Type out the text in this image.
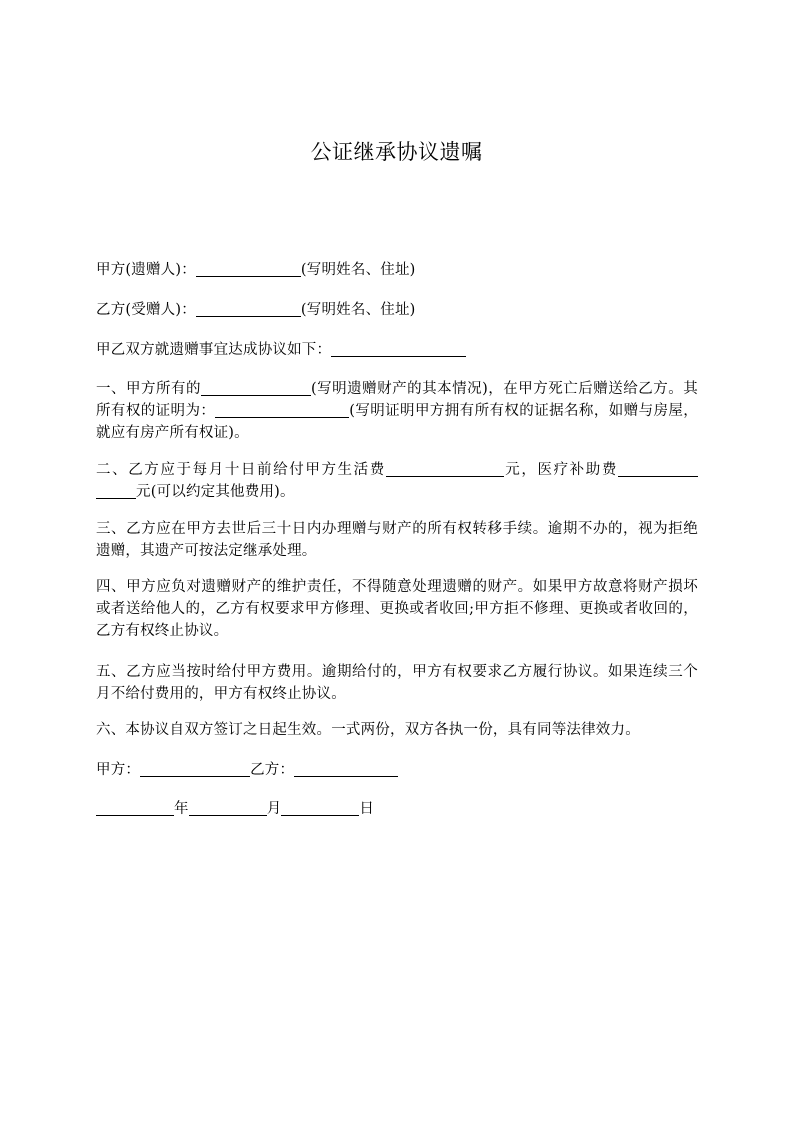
公证继承协议遗嘱
甲方(遗赠人)：	(写明姓名、住址)
乙方(受赠人)：	(写明姓名、住址)
甲乙双方就遗赠事宜达成协议如下：
一、甲方所有的	(写明遗赠财产的其本情况)，在甲方死亡后赠送给乙方。其所有权的证明为：	(写明证明甲方拥有所有权的证据名称，如赠与房屋，就应有房产所有权证)。
二、乙方应于每月十日前给付甲方生活费	元，医疗补助费元(可以约定其他费用)。
三、乙方应在甲方去世后三十日内办理赠与财产的所有权转移手续。逾期不办的，视为拒绝遗赠，其遗产可按法定继承处理。
四、甲方应负对遗赠财产的维护责任，不得随意处理遗赠的财产。如果甲方故意将财产损坏或者送给他人的，乙方有权要求甲方修理、更换或者收回;甲方拒不修理、更换或者收回的，乙方有权终止协议。
五、乙方应当按时给付甲方费用。逾期给付的，甲方有权要求乙方履行协议。如果连续三个月不给付费用的，甲方有权终止协议。
六、本协议自双方签订之日起生效。一式两份，双方各执一份，具有同等法律效力。
甲方：	乙方：
年	月	日
